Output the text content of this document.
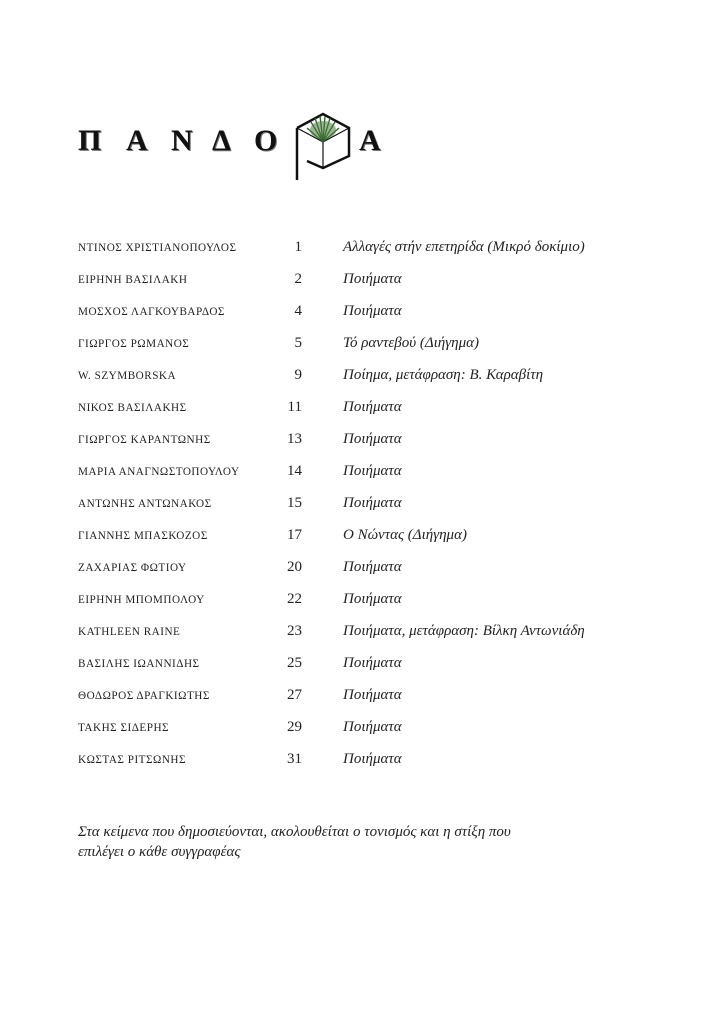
Π Α Ν Δ Ο	Α
ΝΤΙΝΟΣ ΧΡΙΣΤΙΑΝΟΠΟΥΛΟΣ	1	Αλλαγές στήν επετηρίδα (Μικρό δοκίμιο)
ΕΙΡΗΝΗ ΒΑΣΙΛΑΚΗ	2	Ποιήματα
ΜΟΣΧΟΣ ΛΑΓΚΟΥΒΑΡΔΟΣ	4	Ποιήματα
ΓΙΩΡΓΟΣ ΡΩΜΑΝΟΣ	5	Τό ραντεβού (Διήγημα)
W. SZYMBORSKA	9	Ποίημα, μετάφραση: Β. Καραβίτη
ΝΙΚΟΣ ΒΑΣΙΛΑΚΗΣ	11	Ποιήματα
ΓΙΩΡΓΟΣ ΚΑΡΑΝΤΩΝΗΣ	13	Ποιήματα
ΜΑΡΙΑ ΑΝΑΓΝΩΣΤΟΠΟΥΛΟΥ	14	Ποιήματα
ΑΝΤΩΝΗΣ ΑΝΤΩΝΑΚΟΣ	15	Ποιήματα
ΓΙΑΝΝΗΣ ΜΠΑΣΚΟΖΟΣ	17	Ο Νώντας (Διήγημα)
ΖΑΧΑΡΙΑΣ ΦΩΤΙΟΥ	20	Ποιήματα
ΕΙΡΗΝΗ ΜΠΟΜΠΟΛΟΥ	22	Ποιήματα
KATHLEEN RAINE	23	Ποιήματα, μετάφραση: Βίλκη Αντωνιάδη
ΒΑΣΙΛΗΣ ΙΩΑΝΝΙΔΗΣ	25	Ποιήματα
ΘΟΔΩΡΟΣ ΔΡΑΓΚΙΩΤΗΣ	27	Ποιήματα
ΤΑΚΗΣ ΣΙΔΕΡΗΣ	29	Ποιήματα
ΚΩΣΤΑΣ ΡΙΤΣΩΝΗΣ	31	Ποιήματα
Στα κείμενα που δημοσιεύονται, ακολουθείται ο τονισμός και η στίξη που
επιλέγει ο κάθε συγγραφέας
